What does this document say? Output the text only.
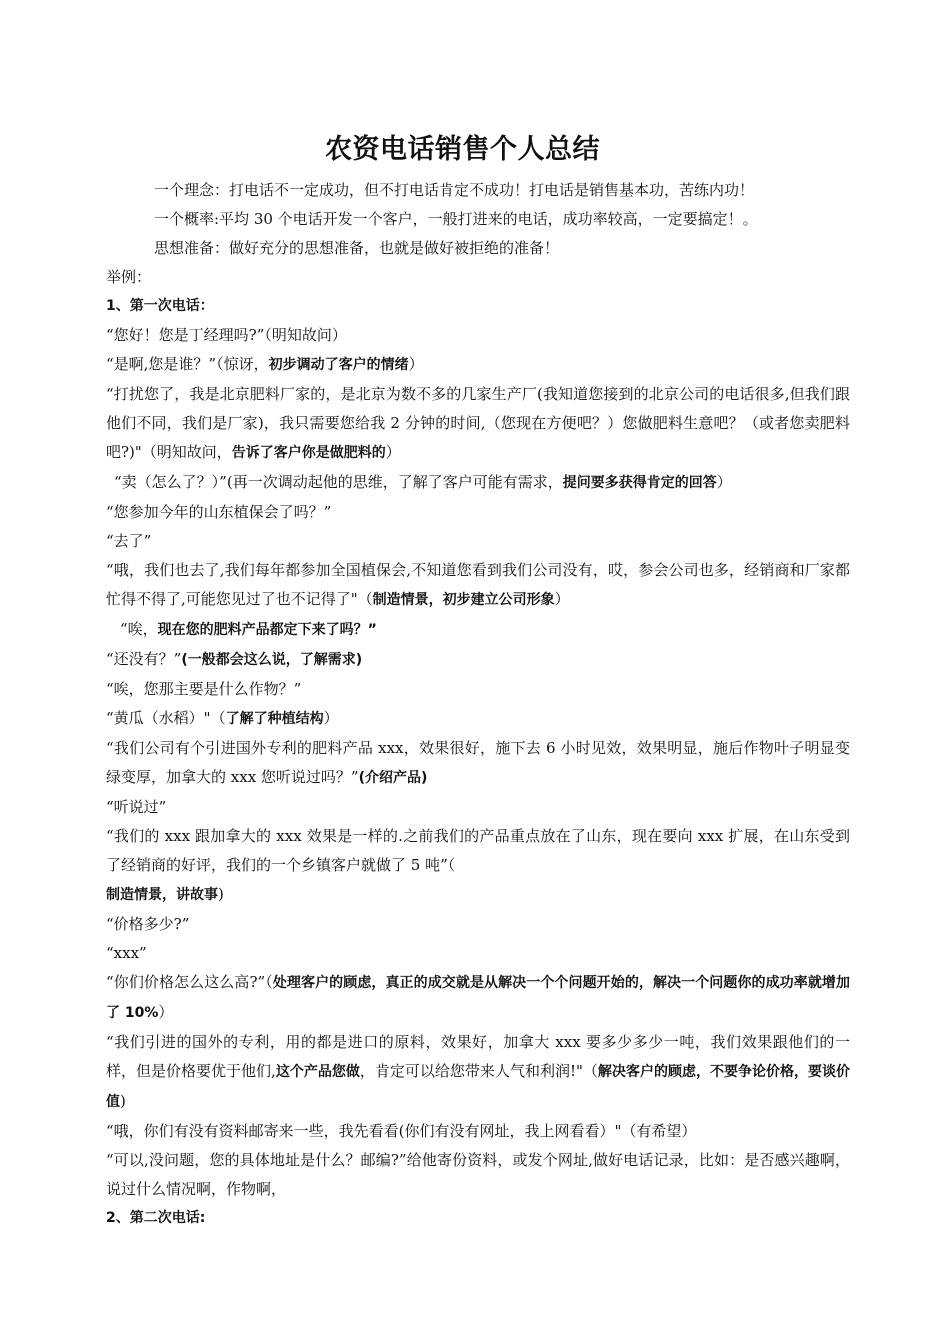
农资电话销售个人总结
一个理念：打电话不一定成功，但不打电话肯定不成功！打电话是销售基本功，苦练内功！
一个概率:平均 30 个电话开发一个客户，一般打进来的电话，成功率较高，一定要搞定！。
思想准备：做好充分的思想准备，也就是做好被拒绝的准备！
举例：
1、第一次电话：
“您好！您是丁经理吗?”（明知故问）
“是啊,您是谁？”（惊讶，初步调动了客户的情绪）
“打扰您了，我是北京肥料厂家的，是北京为数不多的几家生产厂(我知道您接到的北京公司的电话很多,但我们跟他们不同，我们是厂家)，我只需要您给我 2 分钟的时间,（您现在方便吧？）您做肥料生意吧？（或者您卖肥料吧?)"（明知故问，告诉了客户你是做肥料的）
“卖（怎么了？）”(再一次调动起他的思维，了解了客户可能有需求，提问要多获得肯定的回答）
“您参加今年的山东植保会了吗？”
“去了”
“哦，我们也去了,我们每年都参加全国植保会,不知道您看到我们公司没有，哎，参会公司也多，经销商和厂家都忙得不得了,可能您见过了也不记得了"（制造情景，初步建立公司形象）
“唉，现在您的肥料产品都定下来了吗？”
“还没有？”(一般都会这么说，了解需求)
“唉，您那主要是什么作物？”
“黄瓜（水稻）"（了解了种植结构）
“我们公司有个引进国外专利的肥料产品 xxx，效果很好，施下去 6 小时见效，效果明显，施后作物叶子明显变绿变厚，加拿大的 xxx 您听说过吗？”(介绍产品)
“听说过”
“我们的 xxx 跟加拿大的 xxx 效果是一样的.之前我们的产品重点放在了山东，现在要向 xxx 扩展，在山东受到了经销商的好评，我们的一个乡镇客户就做了 5 吨”（
制造情景，讲故事)
“价格多少?”
“xxx”
“你们价格怎么这么高?”（处理客户的顾虑，真正的成交就是从解决一个个问题开始的，解决一个问题你的成功率就增加了 10%）
“我们引进的国外的专利，用的都是进口的原料，效果好，加拿大 xxx 要多少多少一吨，我们效果跟他们的一样，但是价格要优于他们,这个产品您做，肯定可以给您带来人气和利润!"（解决客户的顾虑，不要争论价格，要谈价值)
“哦，你们有没有资料邮寄来一些，我先看看(你们有没有网址，我上网看看）"（有希望）
“可以,没问题，您的具体地址是什么？邮编?”给他寄份资料，或发个网址,做好电话记录，比如：是否感兴趣啊，说过什么情况啊，作物啊，
2、第二次电话:
